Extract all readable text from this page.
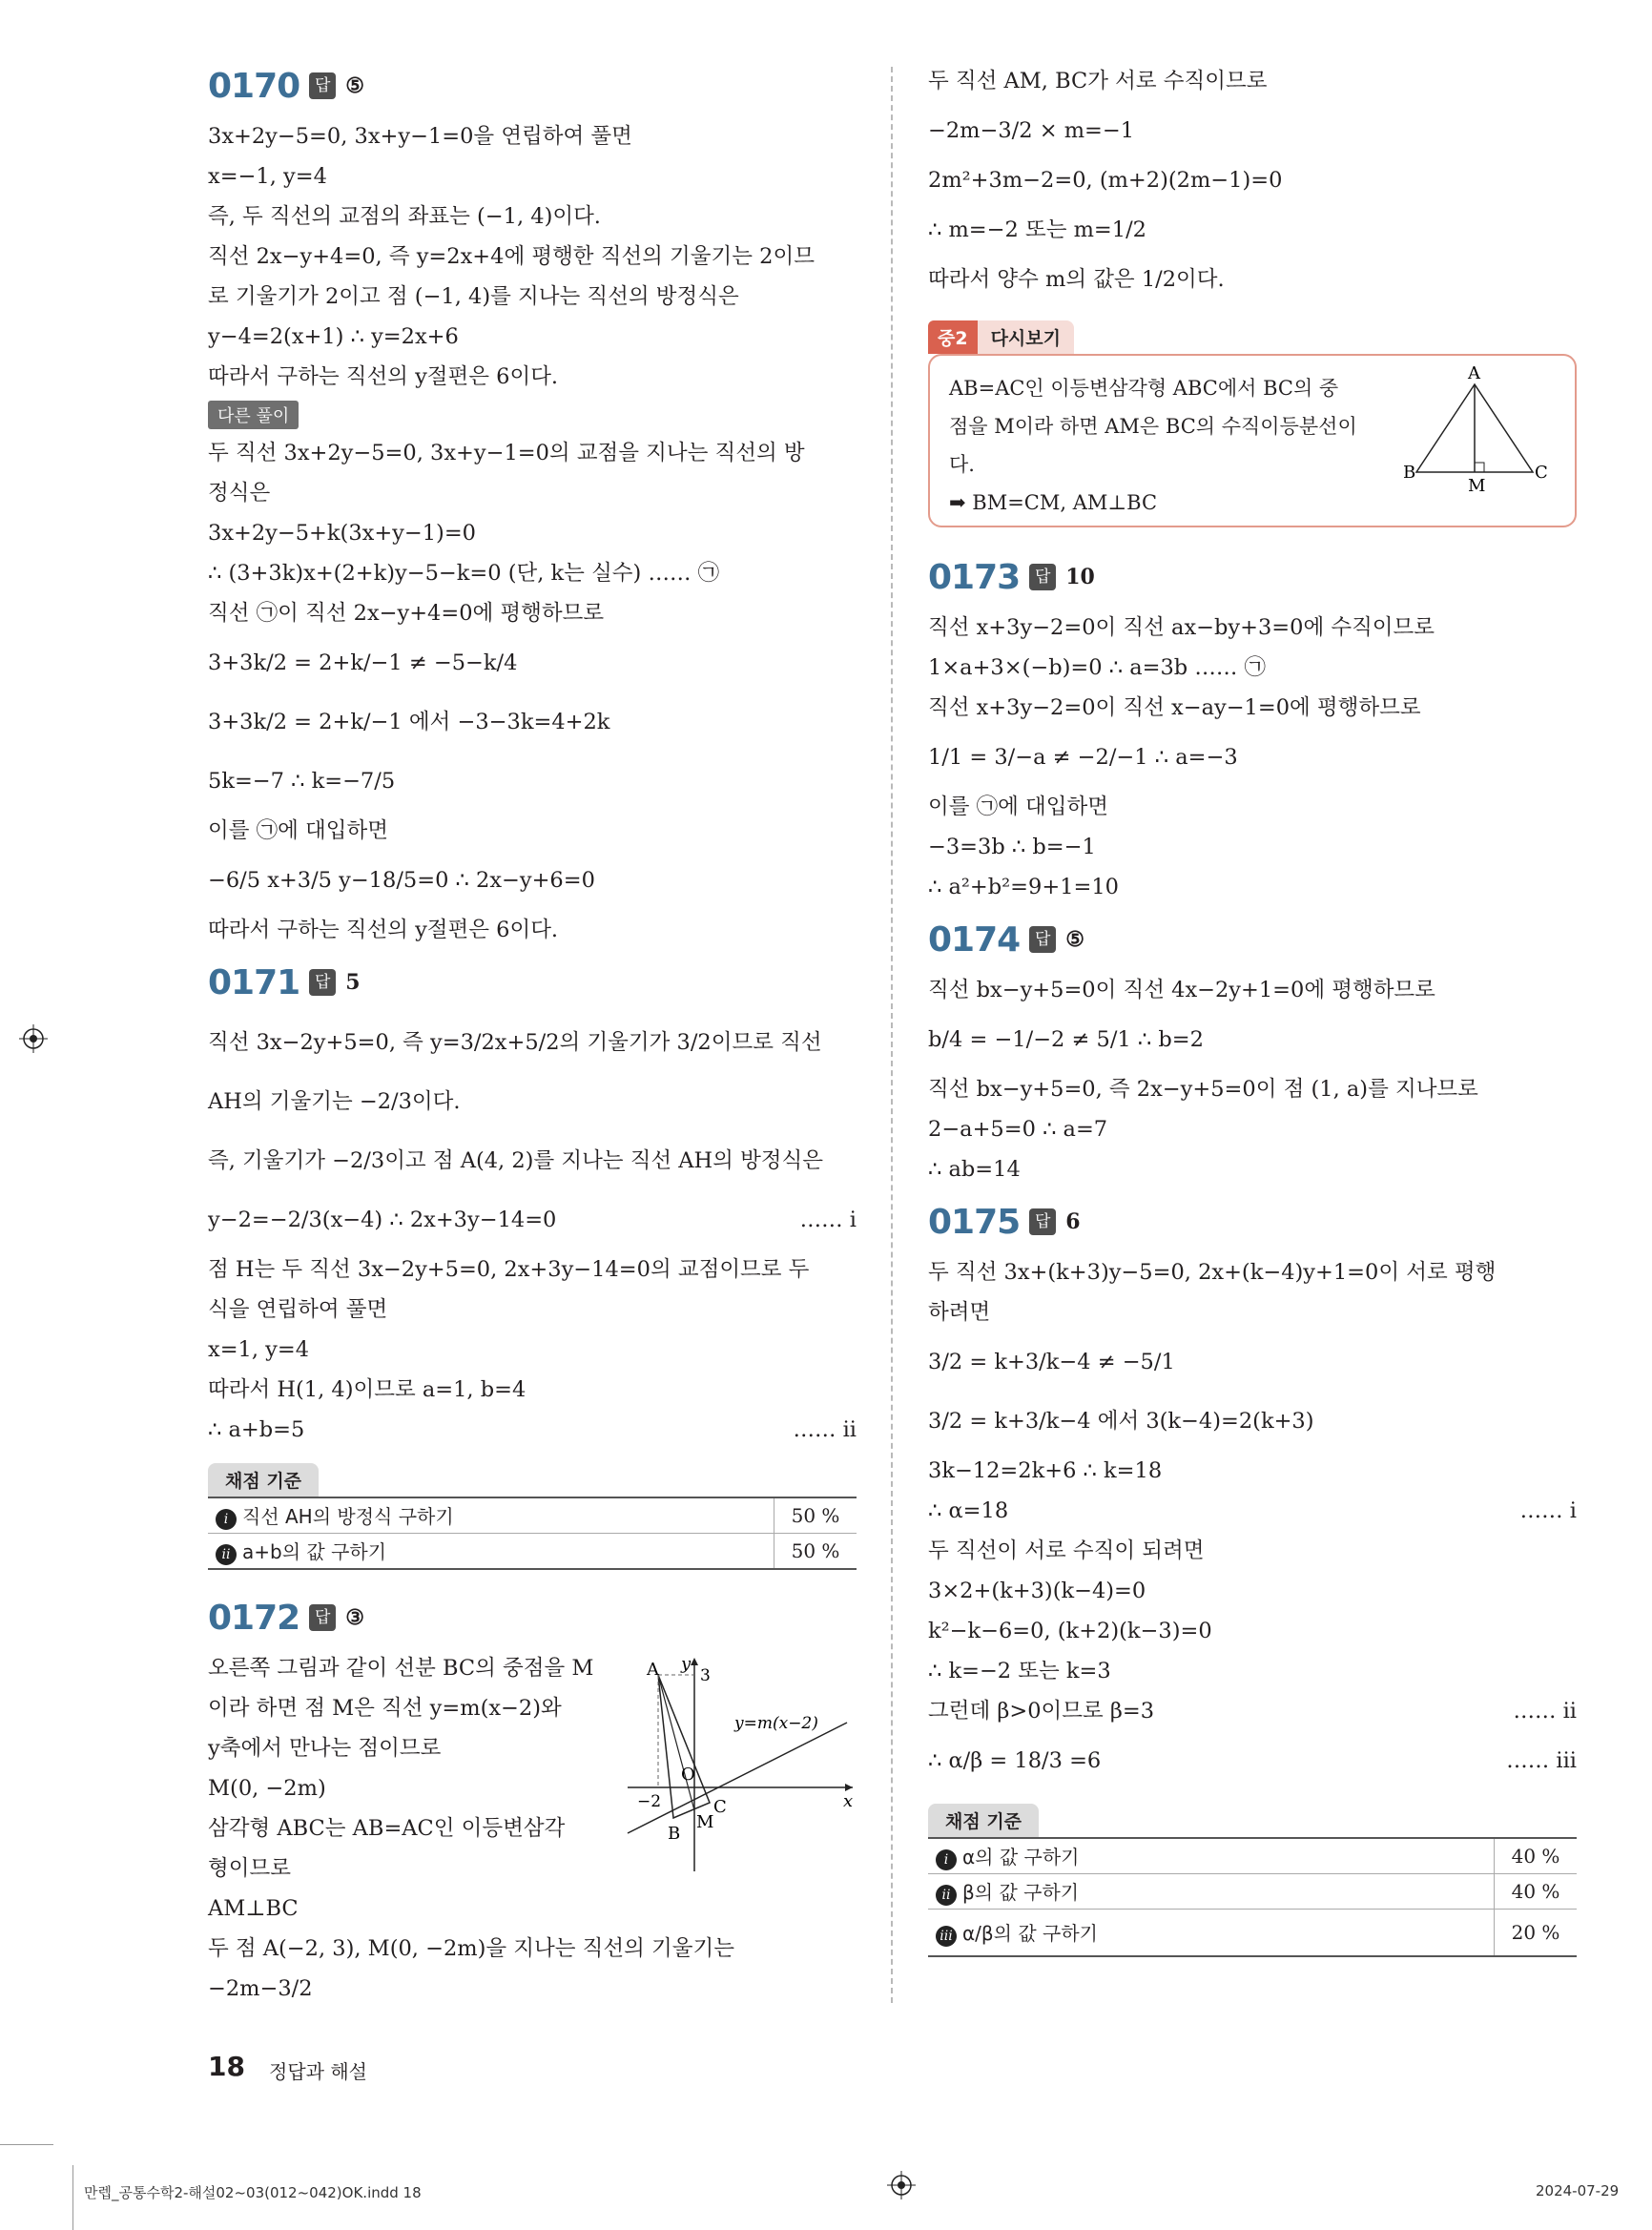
0170 답 ⑤
3x+2y−5=0, 3x+y−1=0을 연립하여 풀면
x=−1, y=4
즉, 두 직선의 교점의 좌표는 (−1, 4)이다.
직선 2x−y+4=0, 즉 y=2x+4에 평행한 직선의 기울기는 2이므
로 기울기가 2이고 점 (−1, 4)를 지나는 직선의 방정식은
y−4=2(x+1) ∴ y=2x+6
따라서 구하는 직선의 y절편은 6이다.
다른 풀이
두 직선 3x+2y−5=0, 3x+y−1=0의 교점을 지나는 직선의 방
정식은
3x+2y−5+k(3x+y−1)=0
∴ (3+3k)x+(2+k)y−5−k=0 (단, k는 실수) …… ㉠
직선 ㉠이 직선 2x−y+4=0에 평행하므로
3+3k/2 = 2+k/−1 ≠ −5−k/4
3+3k/2 = 2+k/−1 에서 −3−3k=4+2k
5k=−7 ∴ k=−7/5
이를 ㉠에 대입하면
−6/5 x+3/5 y−18/5=0 ∴ 2x−y+6=0
따라서 구하는 직선의 y절편은 6이다.
0171 답 5
직선 3x−2y+5=0, 즉 y=3/2x+5/2의 기울기가 3/2이므로 직선
AH의 기울기는 −2/3이다.
즉, 기울기가 −2/3이고 점 A(4, 2)를 지나는 직선 AH의 방정식은
y−2=−2/3(x−4) ∴ 2x+3y−14=0	…… i
점 H는 두 직선 3x−2y+5=0, 2x+3y−14=0의 교점이므로 두
식을 연립하여 풀면
x=1, y=4
따라서 H(1, 4)이므로 a=1, b=4
∴ a+b=5	…… ii
채점 기준
i 직선 AH의 방정식 구하기	50 %
ii a+b의 값 구하기	50 %
0172 답 ③
오른쪽 그림과 같이 선분 BC의 중점을 M
이라 하면 점 M은 직선 y=m(x−2)와
y축에서 만나는 점이므로
M(0, −2m)
삼각형 ABC는 AB=AC인 이등변삼각
형이므로
AM⊥BC
두 점 A(−2, 3), M(0, −2m)을 지나는 직선의 기울기는
−2m−3/2
A
B
C
M
O
x
y
3
−2
y=m(x−2)
두 직선 AM, BC가 서로 수직이므로
−2m−3/2 × m=−1
2m²+3m−2=0, (m+2)(2m−1)=0
∴ m=−2 또는 m=1/2
따라서 양수 m의 값은 1/2이다.
중2	다시보기
AB=AC인 이등변삼각형 ABC에서 BC의 중
점을 M이라 하면 AM은 BC의 수직이등분선이
다.
➡ BM=CM, AM⊥BC
A
B	C
M
0173 답 10
직선 x+3y−2=0이 직선 ax−by+3=0에 수직이므로
1×a+3×(−b)=0 ∴ a=3b …… ㉠
직선 x+3y−2=0이 직선 x−ay−1=0에 평행하므로
1/1 = 3/−a ≠ −2/−1 ∴ a=−3
이를 ㉠에 대입하면
−3=3b ∴ b=−1
∴ a²+b²=9+1=10
0174 답 ⑤
직선 bx−y+5=0이 직선 4x−2y+1=0에 평행하므로
b/4 = −1/−2 ≠ 5/1 ∴ b=2
직선 bx−y+5=0, 즉 2x−y+5=0이 점 (1, a)를 지나므로
2−a+5=0 ∴ a=7
∴ ab=14
0175 답 6
두 직선 3x+(k+3)y−5=0, 2x+(k−4)y+1=0이 서로 평행
하려면
3/2 = k+3/k−4 ≠ −5/1
3/2 = k+3/k−4 에서 3(k−4)=2(k+3)
3k−12=2k+6 ∴ k=18
∴ α=18	…… i
두 직선이 서로 수직이 되려면
3×2+(k+3)(k−4)=0
k²−k−6=0, (k+2)(k−3)=0
∴ k=−2 또는 k=3
그런데 β>0이므로 β=3	…… ii
∴ α/β = 18/3 =6	…… iii
채점 기준
i α의 값 구하기	40 %
ii β의 값 구하기	40 %
iii α/β의 값 구하기	20 %
18 정답과 해설
만렙_공통수학2-해설02~03(012~042)OK.indd 18	2024-07-29
